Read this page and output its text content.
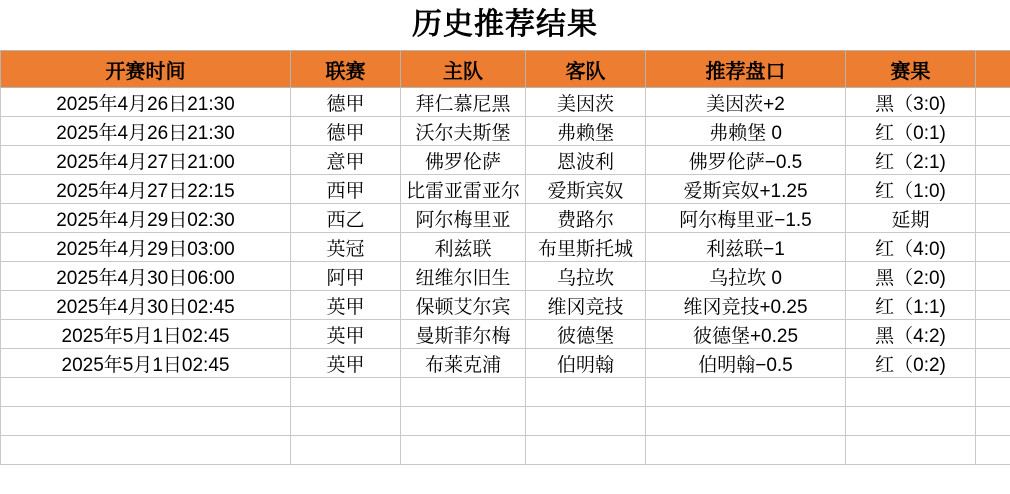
历史推荐结果
开赛时间	联赛	主队	客队	推荐盘口	赛果	
2025年4月26日21:30	德甲	拜仁慕尼黑	美因茨	美因茨+2	黑（3:0)	
2025年4月26日21:30	德甲	沃尔夫斯堡	弗赖堡	弗赖堡 0	红（0:1)	
2025年4月27日21:00	意甲	佛罗伦萨	恩波利	佛罗伦萨−0.5	红（2:1)	
2025年4月27日22:15	西甲	比雷亚雷亚尔	爱斯宾奴	爱斯宾奴+1.25	红（1:0)	
2025年4月29日02:30	西乙	阿尔梅里亚	费路尔	阿尔梅里亚−1.5	延期	
2025年4月29日03:00	英冠	利兹联	布里斯托城	利兹联−1	红（4:0)	
2025年4月30日06:00	阿甲	纽维尔旧生	乌拉坎	乌拉坎 0	黑（2:0)	
2025年4月30日02:45	英甲	保顿艾尔宾	维冈竞技	维冈竞技+0.25	红（1:1)	
2025年5月1日02:45	英甲	曼斯菲尔梅	彼德堡	彼德堡+0.25	黑（4:2)	
2025年5月1日02:45	英甲	布莱克浦	伯明翰	伯明翰−0.5	红（0:2)	
